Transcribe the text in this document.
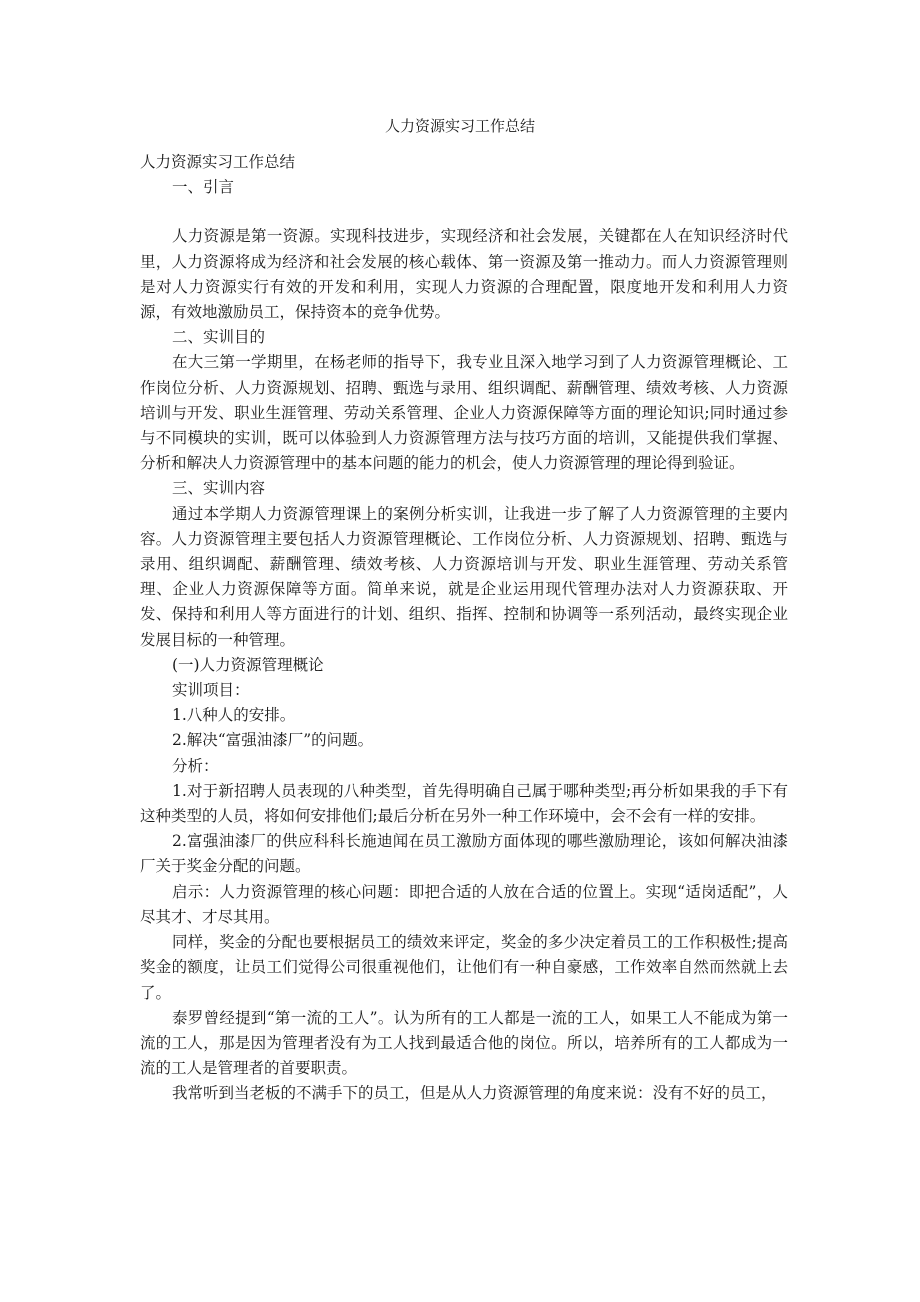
人力资源实习工作总结

人力资源实习工作总结

一、引言

人力资源是第一资源。实现科技进步，实现经济和社会发展，关键都在人在知识经济时代里，人力资源将成为经济和社会发展的核心载体、第一资源及第一推动力。而人力资源管理则是对人力资源实行有效的开发和利用，实现人力资源的合理配置，限度地开发和利用人力资源，有效地激励员工，保持资本的竞争优势。

二、实训目的

在大三第一学期里，在杨老师的指导下，我专业且深入地学习到了人力资源管理概论、工作岗位分析、人力资源规划、招聘、甄选与录用、组织调配、薪酬管理、绩效考核、人力资源培训与开发、职业生涯管理、劳动关系管理、企业人力资源保障等方面的理论知识;同时通过参与不同模块的实训，既可以体验到人力资源管理方法与技巧方面的培训，又能提供我们掌握、分析和解决人力资源管理中的基本问题的能力的机会，使人力资源管理的理论得到验证。

三、实训内容

通过本学期人力资源管理课上的案例分析实训，让我进一步了解了人力资源管理的主要内容。人力资源管理主要包括人力资源管理概论、工作岗位分析、人力资源规划、招聘、甄选与录用、组织调配、薪酬管理、绩效考核、人力资源培训与开发、职业生涯管理、劳动关系管理、企业人力资源保障等方面。简单来说，就是企业运用现代管理办法对人力资源获取、开发、保持和利用人等方面进行的计划、组织、指挥、控制和协调等一系列活动，最终实现企业发展目标的一种管理。

(一)人力资源管理概论

实训项目：

1.八种人的安排。

2.解决“富强油漆厂”的问题。

分析：

1.对于新招聘人员表现的八种类型，首先得明确自己属于哪种类型;再分析如果我的手下有这种类型的人员，将如何安排他们;最后分析在另外一种工作环境中，会不会有一样的安排。

2.富强油漆厂的供应科科长施迪闻在员工激励方面体现的哪些激励理论，该如何解决油漆厂关于奖金分配的问题。

启示：人力资源管理的核心问题：即把合适的人放在合适的位置上。实现“适岗适配”，人尽其才、才尽其用。

同样，奖金的分配也要根据员工的绩效来评定，奖金的多少决定着员工的工作积极性;提高奖金的额度，让员工们觉得公司很重视他们，让他们有一种自豪感，工作效率自然而然就上去了。

泰罗曾经提到“第一流的工人”。认为所有的工人都是一流的工人，如果工人不能成为第一流的工人，那是因为管理者没有为工人找到最适合他的岗位。所以，培养所有的工人都成为一流的工人是管理者的首要职责。

我常听到当老板的不满手下的员工，但是从人力资源管理的角度来说：没有不好的员工，
